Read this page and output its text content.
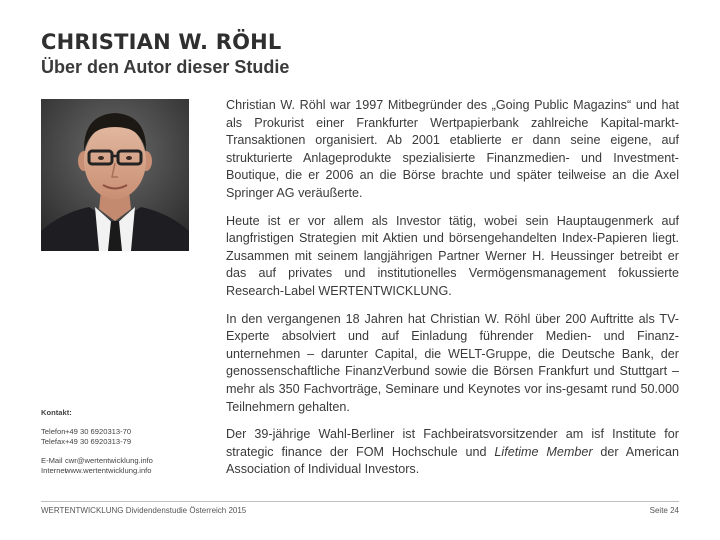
CHRISTIAN W. RÖHL
Über den Autor dieser Studie

Christian W. Röhl war 1997 Mitbegründer des „Going Public Magazins“ und hat als Prokurist einer Frankfurter Wertpapierbank zahlreiche Kapital-markt-Transaktionen organisiert. Ab 2001 etablierte er dann seine eigene, auf strukturierte Anlageprodukte spezialisierte Finanzmedien- und Investment-Boutique, die er 2006 an die Börse brachte und später teilweise an die Axel Springer AG veräußerte.

Heute ist er vor allem als Investor tätig, wobei sein Hauptaugenmerk auf langfristigen Strategien mit Aktien und börsengehandelten Index-Papieren liegt. Zusammen mit seinem langjährigen Partner Werner H. Heussinger betreibt er das auf privates und institutionelles Vermögensmanagement fokussierte Research-Label WERTENTWICKLUNG.

In den vergangenen 18 Jahren hat Christian W. Röhl über 200 Auftritte als TV-Experte absolviert und auf Einladung führender Medien- und Finanz-unternehmen – darunter Capital, die WELT-Gruppe, die Deutsche Bank, der genossenschaftliche FinanzVerbund sowie die Börsen Frankfurt und Stuttgart – mehr als 350 Fachvorträge, Seminare und Keynotes vor ins-gesamt rund 50.000 Teilnehmern gehalten.

Der 39-jährige Wahl-Berliner ist Fachbeiratsvorsitzender am isf Institute for strategic finance der FOM Hochschule und Lifetime Member der American Association of Individual Investors.

Kontakt:
Telefon +49 30 6920313-70
Telefax +49 30 6920313-79
E-Mail cwr@wertentwicklung.info
Internet
www.wertentwicklung.info
WERTENTWICKLUNG Dividendenstudie Österreich 2015	Seite 24
